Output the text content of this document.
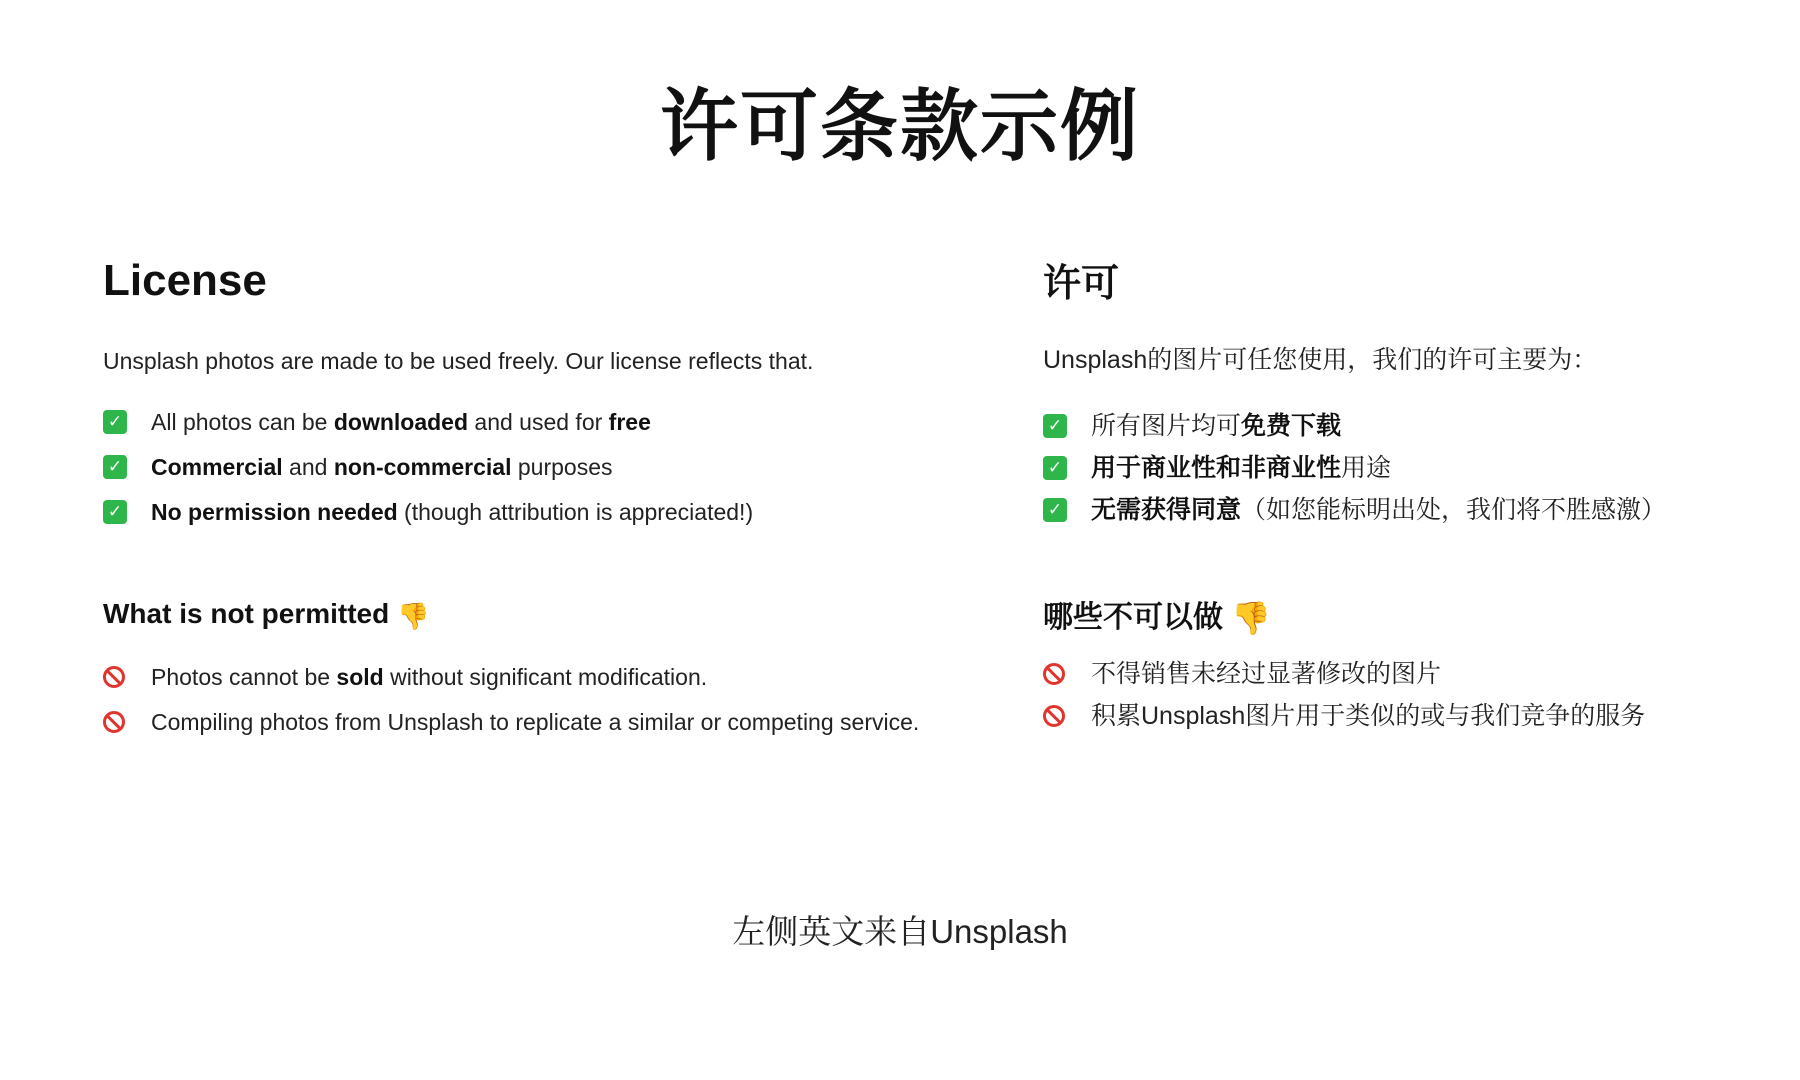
许可条款示例
License

Unsplash photos are made to be used freely. Our license reflects that.

✓ All photos can be downloaded and used for free
✓ Commercial and non-commercial purposes
✓ No permission needed (though attribution is appreciated!)
What is not permitted 👎
Photos cannot be sold without significant modification.
Compiling photos from Unsplash to replicate a similar or competing service.
许可

Unsplash的图片可任您使用，我们的许可主要为：

✓ 所有图片均可免费下载
✓ 用于商业性和非商业性用途
✓ 无需获得同意（如您能标明出处，我们将不胜感激）
哪些不可以做 👎
不得销售未经过显著修改的图片
积累Unsplash图片用于类似的或与我们竞争的服务
左侧英文来自Unsplash
